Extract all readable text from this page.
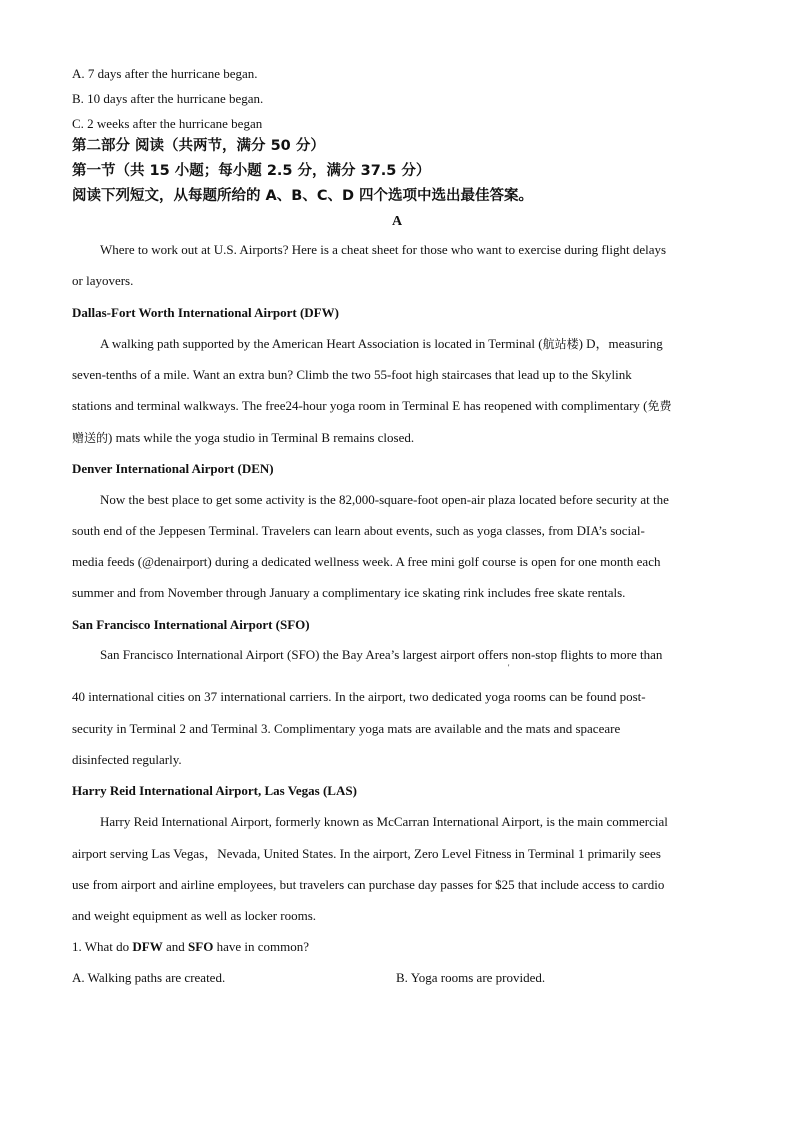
A. 7 days after the hurricane began.
B. 10 days after the hurricane began.
C. 2 weeks after the hurricane began
第二部分 阅读（共两节，满分 50 分）
第一节（共 15 小题；每小题 2.5 分，满分 37.5 分）
阅读下列短文，从每题所给的 A、B、C、D 四个选项中选出最佳答案。
A
Where to work out at U.S. Airports? Here is a cheat sheet for those who want to exercise during flight delays
or layovers.
Dallas-Fort Worth International Airport (DFW)
A walking path supported by the American Heart Association is located in Terminal (航站楼) D，measuring
seven-tenths of a mile. Want an extra bun? Climb the two 55-foot high staircases that lead up to the Skylink
stations and terminal walkways. The free24-hour yoga room in Terminal E has reopened with complimentary (免费
赠送的) mats while the yoga studio in Terminal B remains closed.
Denver International Airport (DEN)
Now the best place to get some activity is the 82,000-square-foot open-air plaza located before security at the
south end of the Jeppesen Terminal. Travelers can learn about events, such as yoga classes, from DIA’s social-
media feeds (@denairport) during a dedicated wellness week. A free mini golf course is open for one month each
summer and from November through January a complimentary ice skating rink includes free skate rentals.
San Francisco International Airport (SFO)
San Francisco International Airport (SFO) the Bay Area’s largest airport offers non-stop flights to more than
'
40 international cities on 37 international carriers. In the airport, two dedicated yoga rooms can be found post-
security in Terminal 2 and Terminal 3. Complimentary yoga mats are available and the mats and spaceare
disinfected regularly.
Harry Reid International Airport, Las Vegas (LAS)
Harry Reid International Airport, formerly known as McCarran International Airport, is the main commercial
airport serving Las Vegas，Nevada, United States. In the airport, Zero Level Fitness in Terminal 1 primarily sees
use from airport and airline employees, but travelers can purchase day passes for $25 that include access to cardio
and weight equipment as well as locker rooms.
1. What do DFW and SFO have in common?
A. Walking paths are created.	B. Yoga rooms are provided.
